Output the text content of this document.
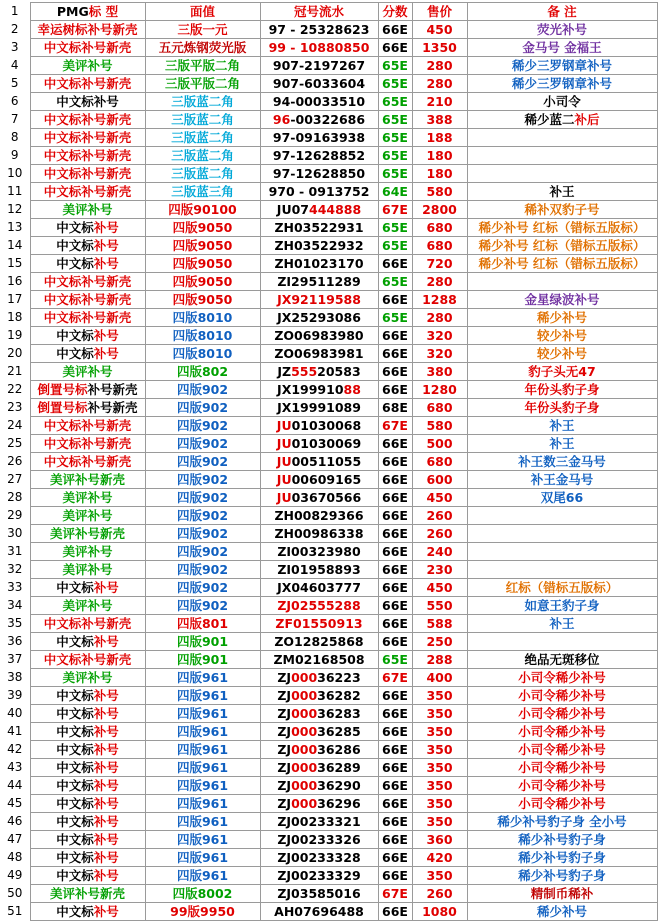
1	PMG标 型	面值	冠号流水	分数	售价	备 注
2	幸运树标补号新壳	三版一元	97 - 25328623	66E	450	荧光补号
3	中文标补号新壳	五元炼钢荧光版	99 - 10880850	66E	1350	金马号 金福王
4	美评补号	三版平版二角	907-2197267	65E	280	稀少三罗钢章补号
5	中文标补号新壳	三版平版二角	907-6033604	65E	280	稀少三罗钢章补号
6	中文标补号	三版蓝二角	94-00033510	65E	210	小司令
7	中文标补号新壳	三版蓝二角	96-00322686	65E	388	稀少蓝二补后
8	中文标补号新壳	三版蓝二角	97-09163938	65E	188	
9	中文标补号新壳	三版蓝二角	97-12628852	65E	180	
10	中文标补号新壳	三版蓝二角	97-12628850	65E	180	
11	中文标补号新壳	三版蓝三角	970 - 0913752	64E	580	补王
12	美评补号	四版90100	JU07444888	67E	2800	稀补双豹子号
13	中文标补号	四版9050	ZH03522931	65E	680	稀少补号 红标（错标五版标）
14	中文标补号	四版9050	ZH03522932	65E	680	稀少补号 红标（错标五版标）
15	中文标补号	四版9050	ZH01023170	66E	720	稀少补号 红标（错标五版标）
16	中文标补号新壳	四版9050	ZI29511289	65E	280	
17	中文标补号新壳	四版9050	JX92119588	66E	1288	金星绿波补号
18	中文标补号新壳	四版8010	JX25293086	65E	280	稀少补号
19	中文标补号	四版8010	ZO06983980	66E	320	较少补号
20	中文标补号	四版8010	ZO06983981	66E	320	较少补号
21	美评补号	四版802	JZ55520583	66E	380	豹子头无47
22	倒置号标补号新壳	四版902	JX19991088	66E	1280	年份头豹子身
23	倒置号标补号新壳	四版902	JX19991089	68E	680	年份头豹子身
24	中文标补号新壳	四版902	JU01030068	67E	580	补王
25	中文标补号新壳	四版902	JU01030069	66E	500	补王
26	中文标补号新壳	四版902	JU00511055	66E	680	补王数三金马号
27	美评补号新壳	四版902	JU00609165	66E	600	补王金马号
28	美评补号	四版902	JU03670566	66E	450	双尾66
29	美评补号	四版902	ZH00829366	66E	260	
30	美评补号新壳	四版902	ZH00986338	66E	260	
31	美评补号	四版902	ZI00323980	66E	240	
32	美评补号	四版902	ZI01958893	66E	230	
33	中文标补号	四版902	JX04603777	66E	450	红标（错标五版标）
34	美评补号	四版902	ZJ02555288	66E	550	如意王豹子身
35	中文标补号新壳	四版801	ZF01550913	66E	588	补王
36	中文标补号	四版901	ZO12825868	66E	250	
37	中文标补号新壳	四版901	ZM02168508	65E	288	绝品无斑移位
38	美评补号	四版961	ZJ00036223	67E	400	小司令稀少补号
39	中文标补号	四版961	ZJ00036282	66E	350	小司令稀少补号
40	中文标补号	四版961	ZJ00036283	66E	350	小司令稀少补号
41	中文标补号	四版961	ZJ00036285	66E	350	小司令稀少补号
42	中文标补号	四版961	ZJ00036286	66E	350	小司令稀少补号
43	中文标补号	四版961	ZJ00036289	66E	350	小司令稀少补号
44	中文标补号	四版961	ZJ00036290	66E	350	小司令稀少补号
45	中文标补号	四版961	ZJ00036296	66E	350	小司令稀少补号
46	中文标补号	四版961	ZJ00233321	66E	350	稀少补号豹子身 全小号
47	中文标补号	四版961	ZJ00233326	66E	360	稀少补号豹子身
48	中文标补号	四版961	ZJ00233328	66E	420	稀少补号豹子身
49	中文标补号	四版961	ZJ00233329	66E	350	稀少补号豹子身
50	美评补号新壳	四版8002	ZJ03585016	67E	260	精制币稀补
51	中文标补号	99版9950	AH07696488	66E	1080	稀少补号
